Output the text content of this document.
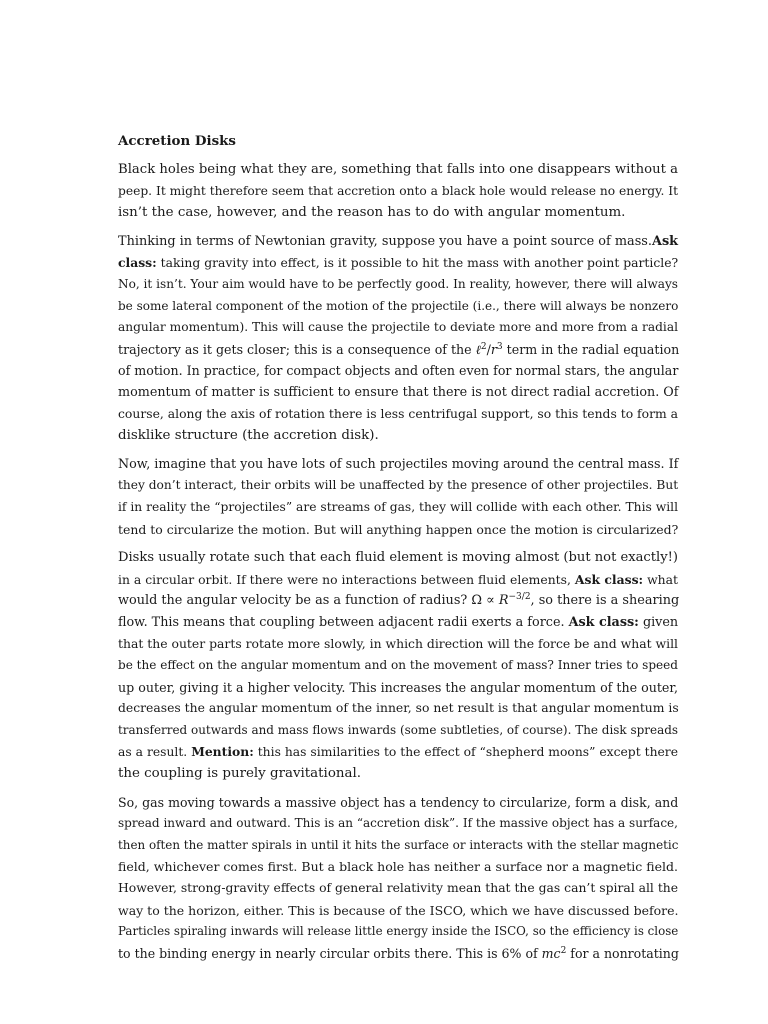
Accretion Disks
Black holes being what they are, something that falls into one disappears without a
peep. It might therefore seem that accretion onto a black hole would release no energy. It
isn’t the case, however, and the reason has to do with angular momentum.
Thinking in terms of Newtonian gravity, suppose you have a point source of mass.Ask
class: taking gravity into effect, is it possible to hit the mass with another point particle?
No, it isn’t. Your aim would have to be perfectly good. In reality, however, there will always
be some lateral component of the motion of the projectile (i.e., there will always be nonzero
angular momentum). This will cause the projectile to deviate more and more from a radial
trajectory as it gets closer; this is a consequence of the $\ell^2/r^3$ term in the radial equation
of motion. In practice, for compact objects and often even for normal stars, the angular
momentum of matter is sufficient to ensure that there is not direct radial accretion. Of
course, along the axis of rotation there is less centrifugal support, so this tends to form a
disklike structure (the accretion disk).
Now, imagine that you have lots of such projectiles moving around the central mass. If
they don’t interact, their orbits will be unaffected by the presence of other projectiles. But
if in reality the “projectiles” are streams of gas, they will collide with each other. This will
tend to circularize the motion. But will anything happen once the motion is circularized?
Disks usually rotate such that each fluid element is moving almost (but not exactly!)
in a circular orbit. If there were no interactions between fluid elements, Ask class: what
would the angular velocity be as a function of radius? $\Omega \propto R^{-3/2}$, so there is a shearing
flow. This means that coupling between adjacent radii exerts a force. Ask class: given
that the outer parts rotate more slowly, in which direction will the force be and what will
be the effect on the angular momentum and on the movement of mass? Inner tries to speed
up outer, giving it a higher velocity. This increases the angular momentum of the outer,
decreases the angular momentum of the inner, so net result is that angular momentum is
transferred outwards and mass flows inwards (some subtleties, of course). The disk spreads
as a result. Mention: this has similarities to the effect of “shepherd moons” except there
the coupling is purely gravitational.
So, gas moving towards a massive object has a tendency to circularize, form a disk, and
spread inward and outward. This is an “accretion disk”. If the massive object has a surface,
then often the matter spirals in until it hits the surface or interacts with the stellar magnetic
field, whichever comes first. But a black hole has neither a surface nor a magnetic field.
However, strong-gravity effects of general relativity mean that the gas can’t spiral all the
way to the horizon, either. This is because of the ISCO, which we have discussed before.
Particles spiraling inwards will release little energy inside the ISCO, so the efficiency is close
to the binding energy in nearly circular orbits there. This is 6% of $mc^2$ for a nonrotating
